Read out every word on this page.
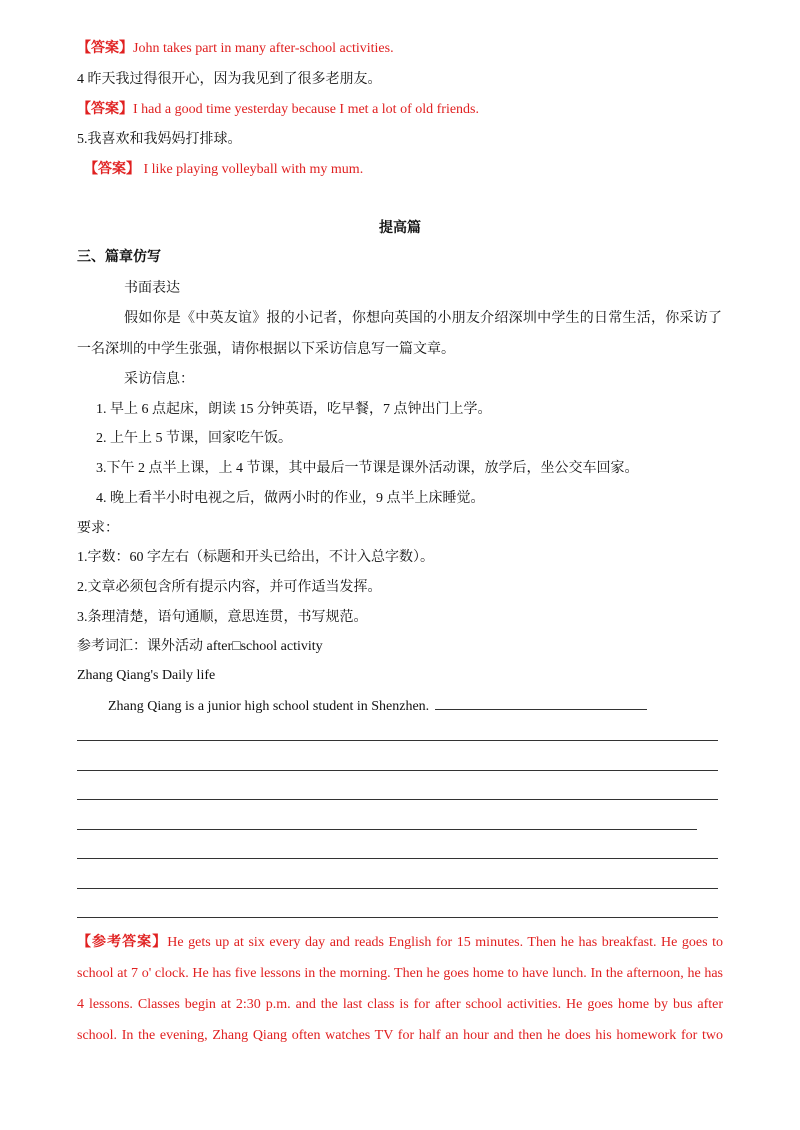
【答案】John takes part in many after-school activities.
4 昨天我过得很开心，因为我见到了很多老朋友。
【答案】I had a good time yesterday because I met a lot of old friends.
5.我喜欢和我妈妈打排球。
【答案】 I like playing volleyball with my mum.
提高篇
三、篇章仿写
书面表达
假如你是《中英友谊》报的小记者，你想向英国的小朋友介绍深圳中学生的日常生活，你采访了
一名深圳的中学生张强，请你根据以下采访信息写一篇文章。
采访信息：
1. 早上 6 点起床，朗读 15 分钟英语，吃早餐，7 点钟出门上学。
2. 上午上 5 节课，回家吃午饭。
3.下午 2 点半上课，上 4 节课，其中最后一节课是课外活动课，放学后，坐公交车回家。
4. 晚上看半小时电视之后，做两小时的作业，9 点半上床睡觉。
要求：
1.字数：60 字左右（标题和开头已给出，不计入总字数）。
2.文章必须包含所有提示内容，并可作适当发挥。
3.条理清楚，语句通顺，意思连贯，书写规范。
参考词汇：课外活动 after□school activity
Zhang Qiang's Daily life
Zhang Qiang is a junior high school student in Shenzhen.
【参考答案】He gets up at six every day and reads English for 15 minutes. Then he has breakfast. He goes to
school at 7 o' clock. He has five lessons in the morning. Then he goes home to have lunch. In the afternoon, he has
4 lessons. Classes begin at 2:30 p.m. and the last class is for after school activities. He goes home by bus after
school. In the evening, Zhang Qiang often watches TV for half an hour and then he does his homework for two
